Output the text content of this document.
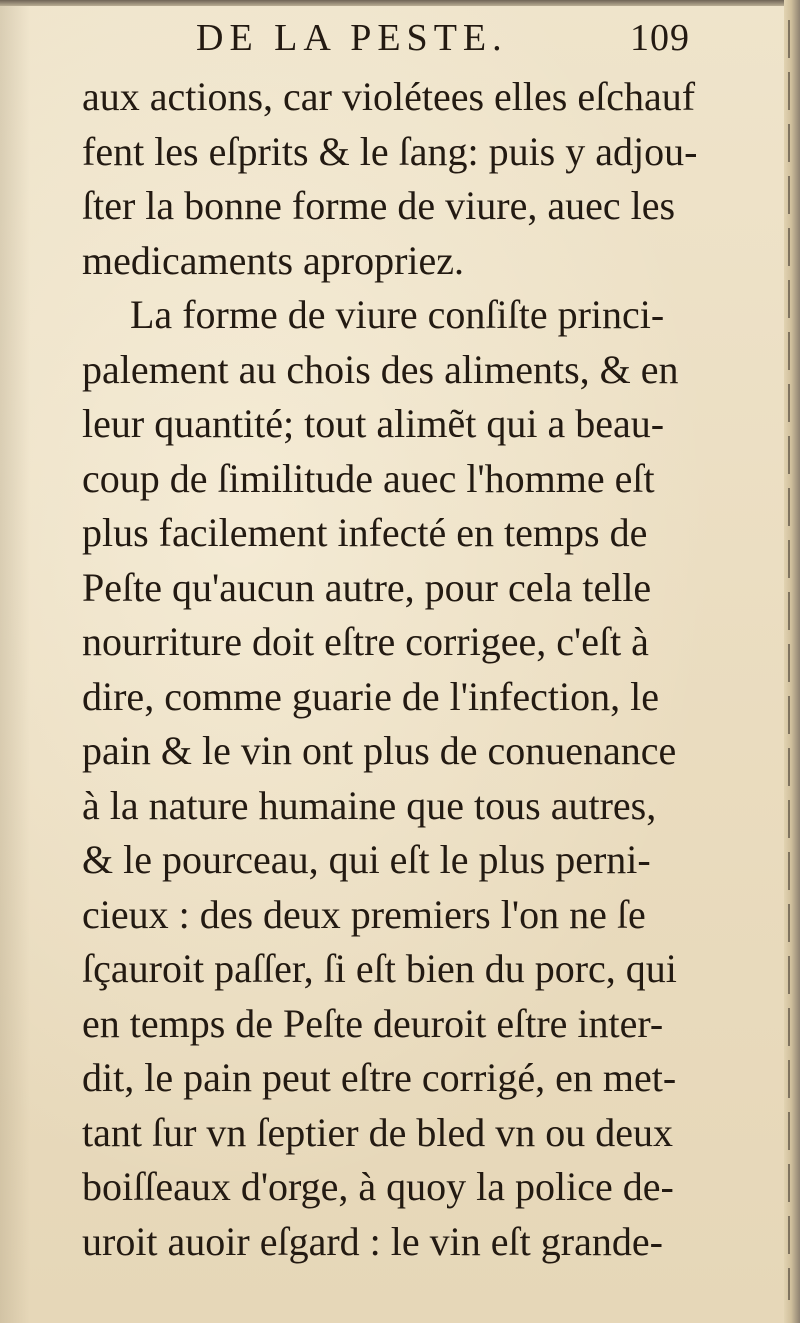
DE LA PESTE.	109
aux actions, car violétees elles eſchauf
fent les eſprits & le ſang: puis y adjou-
ſter la bonne forme de viure, auec les
medicaments apropriez.
La forme de viure conſiſte princi-
palement au chois des aliments, & en
leur quantité; tout alimẽt qui a beau-
coup de ſimilitude auec l'homme eſt
plus facilement infecté en temps de
Peſte qu'aucun autre, pour cela telle
nourriture doit eſtre corrigee, c'eſt à
dire, comme guarie de l'infection, le
pain & le vin ont plus de conuenance
à la nature humaine que tous autres,
& le pourceau, qui eſt le plus perni-
cieux : des deux premiers l'on ne ſe
ſçauroit paſſer, ſi eſt bien du porc, qui
en temps de Peſte deuroit eſtre inter-
dit, le pain peut eſtre corrigé, en met-
tant ſur vn ſeptier de bled vn ou deux
boiſſeaux d'orge, à quoy la police de-
uroit auoir eſgard : le vin eſt grande-
